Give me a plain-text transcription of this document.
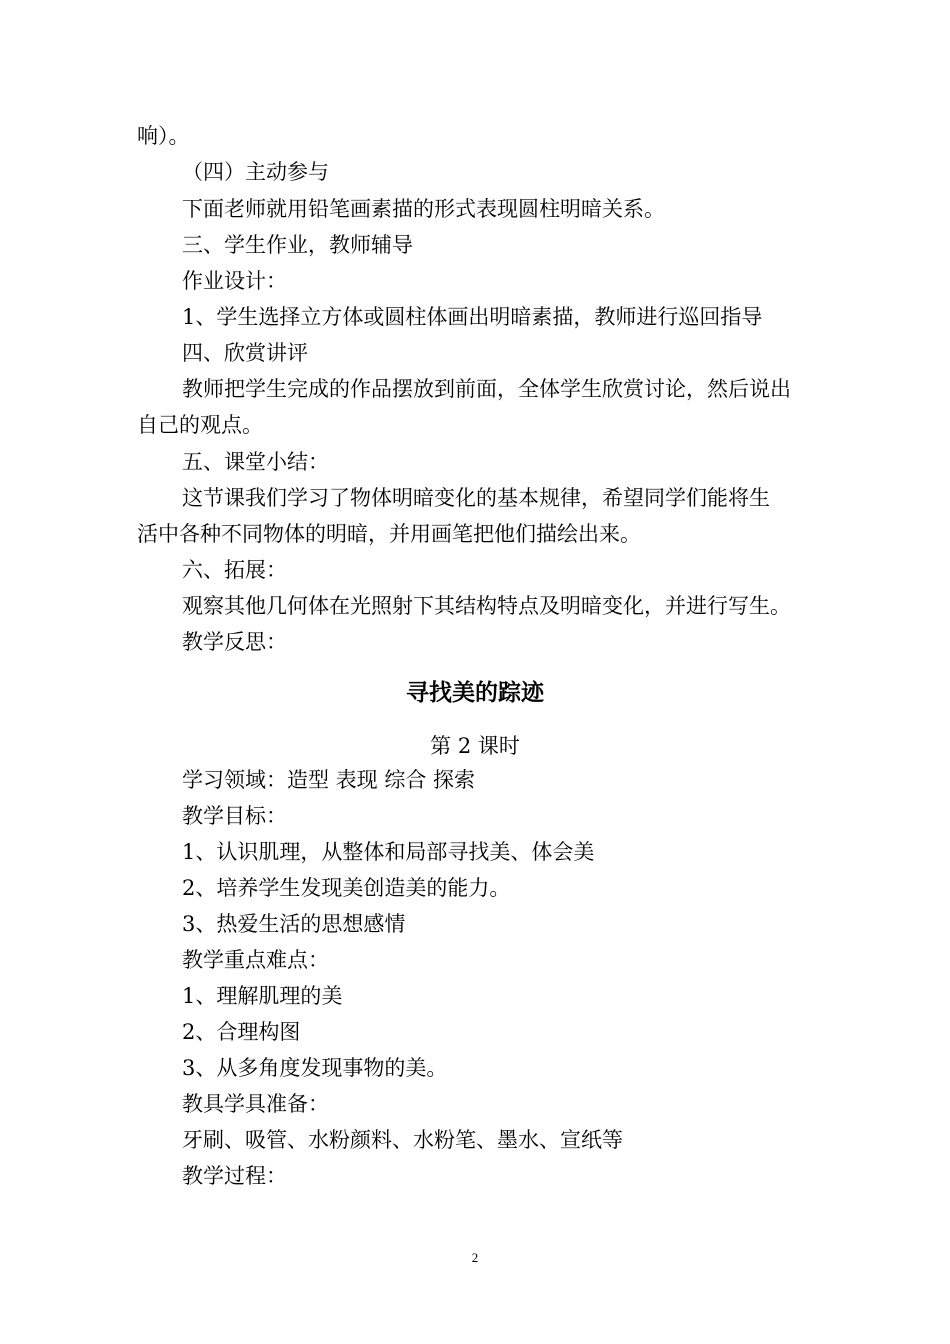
响）。
（四）主动参与
下面老师就用铅笔画素描的形式表现圆柱明暗关系。
三、学生作业，教师辅导
作业设计：
1、学生选择立方体或圆柱体画出明暗素描，教师进行巡回指导
四、欣赏讲评
教师把学生完成的作品摆放到前面，全体学生欣赏讨论，然后说出
自己的观点。
五、课堂小结：
这节课我们学习了物体明暗变化的基本规律，希望同学们能将生
活中各种不同物体的明暗，并用画笔把他们描绘出来。
六、拓展：
观察其他几何体在光照射下其结构特点及明暗变化，并进行写生。
教学反思：
寻找美的踪迹
第 2 课时
学习领域：造型 表现 综合 探索
教学目标：
1、认识肌理，从整体和局部寻找美、体会美
2、培养学生发现美创造美的能力。
3、热爱生活的思想感情
教学重点难点：
1、理解肌理的美
2、合理构图
3、从多角度发现事物的美。
教具学具准备：
牙刷、吸管、水粉颜料、水粉笔、墨水、宣纸等
教学过程：
2
